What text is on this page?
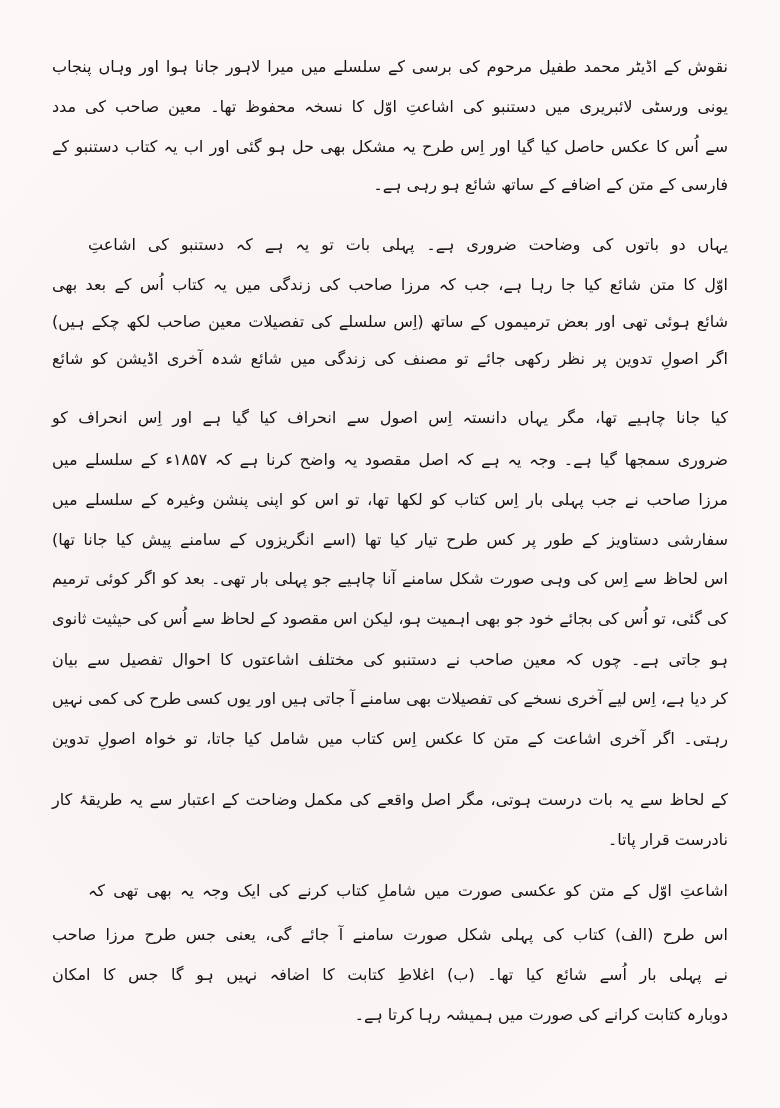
نقوش کے اڈیٹر محمد طفیل مرحوم کی برسی کے سلسلے میں میرا لاہور جانا ہوا اور وہاں پنجاب
یونی ورسٹی لائبریری میں دستنبو کی اشاعتِ اوّل کا نسخہ محفوظ تھا۔ معین صاحب کی مدد
سے اُس کا عکس حاصل کیا گیا اور اِس طرح یہ مشکل بھی حل ہو گئی اور اب یہ کتاب دستنبو کے
فارسی کے متن کے اضافے کے ساتھ شائع ہو رہی ہے۔
یہاں دو باتوں کی وضاحت ضروری ہے۔ پہلی بات تو یہ ہے کہ دستنبو کی اشاعتِ
اوّل کا متن شائع کیا جا رہا ہے، جب کہ مرزا صاحب کی زندگی میں یہ کتاب اُس کے بعد بھی
شائع ہوئی تھی اور بعض ترمیموں کے ساتھ (اِس سلسلے کی تفصیلات معین صاحب لکھ چکے ہیں)
اگر اصولِ تدوین پر نظر رکھی جائے تو مصنف کی زندگی میں شائع شدہ آخری اڈیشن کو شائع
کیا جانا چاہیے تھا، مگر یہاں دانستہ اِس اصول سے انحراف کیا گیا ہے اور اِس انحراف کو
ضروری سمجھا گیا ہے۔ وجہ یہ ہے کہ اصل مقصود یہ واضح کرنا ہے کہ ۱۸۵۷ء کے سلسلے میں
مرزا صاحب نے جب پہلی بار اِس کتاب کو لکھا تھا، تو اس کو اپنی پنشن وغیرہ کے سلسلے میں
سفارشی دستاویز کے طور پر کس طرح تیار کیا تھا (اسے انگریزوں کے سامنے پیش کیا جانا تھا)
اس لحاظ سے اِس کی وہی صورت شکل سامنے آنا چاہیے جو پہلی بار تھی۔ بعد کو اگر کوئی ترمیم
کی گئی، تو اُس کی بجائے خود جو بھی اہمیت ہو، لیکن اس مقصود کے لحاظ سے اُس کی حیثیت ثانوی
ہو جاتی ہے۔ چوں کہ معین صاحب نے دستنبو کی مختلف اشاعتوں کا احوال تفصیل سے بیان
کر دیا ہے، اِس لیے آخری نسخے کی تفصیلات بھی سامنے آ جاتی ہیں اور یوں کسی طرح کی کمی نہیں
رہتی۔ اگر آخری اشاعت کے متن کا عکس اِس کتاب میں شامل کیا جاتا، تو خواہ اصولِ تدوین
کے لحاظ سے یہ بات درست ہوتی، مگر اصل واقعے کی مکمل وضاحت کے اعتبار سے یہ طریقۂ کار
نادرست قرار پاتا۔
اشاعتِ اوّل کے متن کو عکسی صورت میں شاملِ کتاب کرنے کی ایک وجہ یہ بھی تھی کہ
اس طرح (الف) کتاب کی پہلی شکل صورت سامنے آ جائے گی، یعنی جس طرح مرزا صاحب
نے پہلی بار اُسے شائع کیا تھا۔ (ب) اغلاطِ کتابت کا اضافہ نہیں ہو گا جس کا امکان
دوبارہ کتابت کرانے کی صورت میں ہمیشہ رہا کرتا ہے۔
